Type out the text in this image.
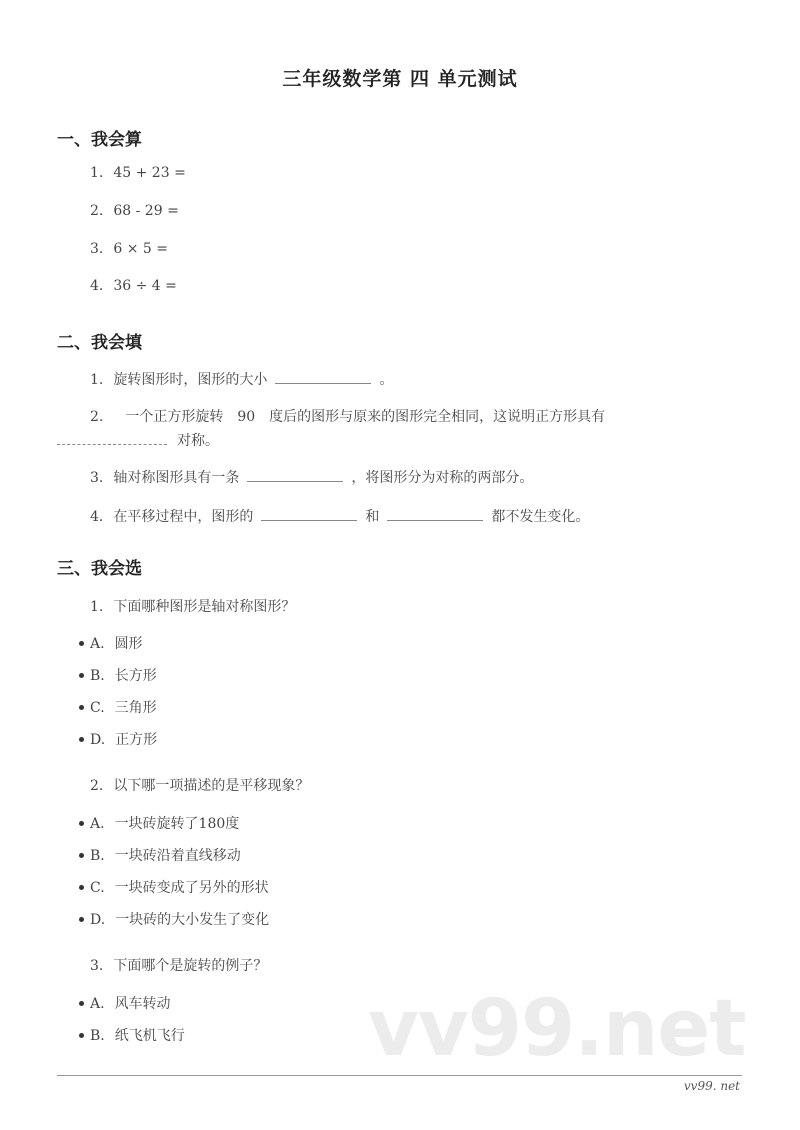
三年级数学第 四 单元测试
一、我会算
1. 45 + 23 =
2. 68 - 29 =
3. 6 × 5 =
4. 36 ÷ 4 =
二、我会填
1. 旋转图形时，图形的大小	。
2. 一个正方形旋转　90　度后的图形与原来的图形完全相同，这说明正方形具有
对称。
3. 轴对称图形具有一条	，将图形分为对称的两部分。
4. 在平移过程中，图形的	和	都不发生变化。
三、我会选
1. 下面哪种图形是轴对称图形？
A. 圆形
B. 长方形
C. 三角形
D. 正方形
2. 以下哪一项描述的是平移现象？
A. 一块砖旋转了180度
B. 一块砖沿着直线移动
C. 一块砖变成了另外的形状
D. 一块砖的大小发生了变化
vv99.net
3. 下面哪个是旋转的例子？
A. 风车转动
B. 纸飞机飞行
vv99. net
